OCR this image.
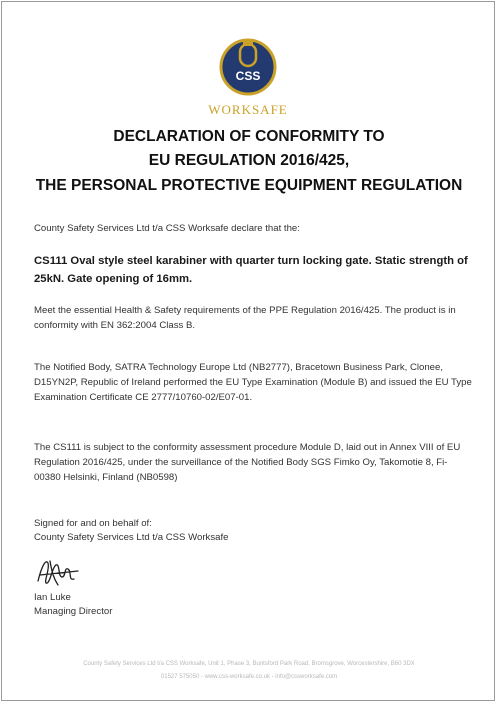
CSS
WORKSAFE
DECLARATION OF CONFORMITY TO
EU REGULATION 2016/425,
THE PERSONAL PROTECTIVE EQUIPMENT REGULATION
County Safety Services Ltd t/a CSS Worksafe declare that the:
CS111 Oval style steel karabiner with quarter turn locking gate. Static strength of 25kN. Gate opening of 16mm.
Meet the essential Health & Safety requirements of the PPE Regulation 2016/425. The product is in conformity with EN 362:2004 Class B.
The Notified Body, SATRA Technology Europe Ltd (NB2777), Bracetown Business Park, Clonee, D15YN2P, Republic of Ireland performed the EU Type Examination (Module B) and issued the EU Type Examination Certificate CE 2777/10760-02/E07-01.
The CS111 is subject to the conformity assessment procedure Module D, laid out in Annex VIII of EU Regulation 2016/425, under the surveillance of the Notified Body SGS Fimko Oy, Takomotie 8, Fi-00380 Helsinki, Finland (NB0598)
Signed for and on behalf of:
County Safety Services Ltd t/a CSS Worksafe
Ian Luke
Managing Director
County Safety Services Ltd t/a CSS Worksafe, Unit 1, Phase 3, Buntsford Park Road, Bromsgrove, Worcestershire, B60 3DX
01527 575050 - www.css-worksafe.co.uk - info@cssworksafe.com
